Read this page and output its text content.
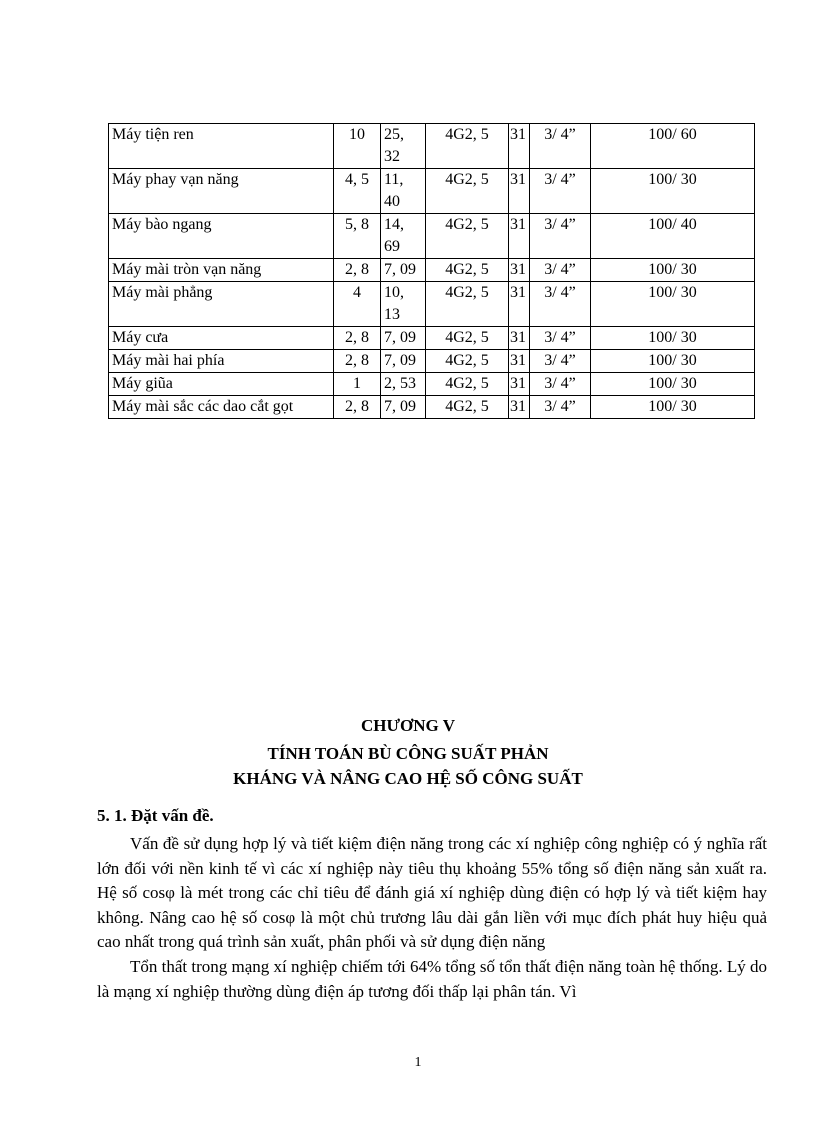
Máy tiện ren	10	25, 32	4G2, 5	31	3/ 4”	100/ 60
Máy phay vạn năng	4, 5	11, 40	4G2, 5	31	3/ 4”	100/ 30
Máy bào ngang	5, 8	14, 69	4G2, 5	31	3/ 4”	100/ 40
Máy mài tròn vạn năng	2, 8	7, 09	4G2, 5	31	3/ 4”	100/ 30
Máy mài phẳng	4	10, 13	4G2, 5	31	3/ 4”	100/ 30
Máy cưa	2, 8	7, 09	4G2, 5	31	3/ 4”	100/ 30
Máy mài hai phía	2, 8	7, 09	4G2, 5	31	3/ 4”	100/ 30
Máy giũa	1	2, 53	4G2, 5	31	3/ 4”	100/ 30
Máy mài sắc các dao cắt gọt	2, 8	7, 09	4G2, 5	31	3/ 4”	100/ 30
CHƯƠNG V
TÍNH TOÁN BÙ CÔNG SUẤT PHẢN
KHÁNG VÀ NÂNG CAO HỆ SỐ CÔNG SUẤT
5. 1. Đặt vấn đề.

Vấn đề sử dụng hợp lý và tiết kiệm điện năng trong các xí nghiệp công nghiệp có ý nghĩa rất lớn đối với nền kinh tế vì các xí nghiệp này tiêu thụ khoảng 55% tổng số điện năng sản xuất ra. Hệ số cosφ là mét trong các chỉ tiêu để đánh giá xí nghiệp dùng điện có hợp lý và tiết kiệm hay không. Nâng cao hệ số cosφ là một chủ trương lâu dài gắn liền với mục đích phát huy hiệu quả cao nhất trong quá trình sản xuất, phân phối và sử dụng điện năng

Tổn thất trong mạng xí nghiệp chiếm tới 64% tổng số tổn thất điện năng toàn hệ thống. Lý do là mạng xí nghiệp thường dùng điện áp tương đối thấp lại phân tán. Vì

1
